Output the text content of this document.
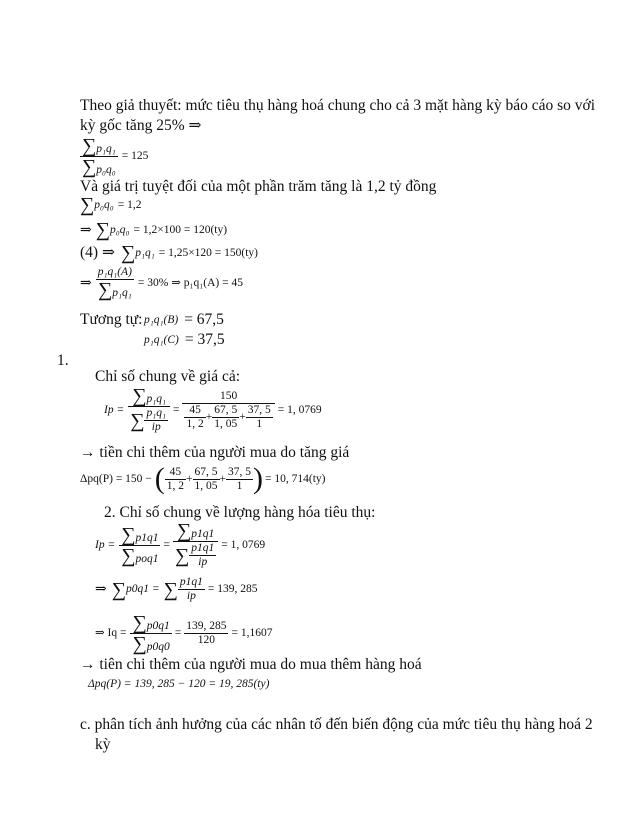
Theo giả thuyết: mức tiêu thụ hàng hoá chung cho cả 3 mặt hàng kỳ báo cáo so với
kỳ gốc tăng 25% ⇒
$\frac{\text{∑p₁q₁}}{\text{∑p₀q₀}} = 125$
Và giá trị tuyệt đối của một phần trăm tăng là 1,2 tỷ đồng
∑ p₀q₀ = 1,2
⇒ ∑ p₀q₀ = 1,2×100 = 120(ty)
(4) ⇒ ∑ p₁q₁ = 1,25×120 = 150(ty)
⇒ $\frac{\text{p₁q₁(A)}}{\text{∑p₁q₁}} = 30\%$ ⇒ p₁q₁(A) = 45
Tương tự: p₁q₁(B) = 67,5
p₁q₁(C) = 37,5
1.
Chỉ số chung về giá cả:
$Ip = \frac{\text{∑p₁q₁}}{\sum \frac{\text{p₁q₁}}{ip}} = \frac{150}{\frac{45}{1, 2} + \frac{67, 5}{1, 05} + \frac{37, 5}{1}} = 1$, 0769
→ tiền chi thêm của người mua do tăng giá
Δpq(P) = 150 − ( $\frac{45}{1, 2} + \frac{67, 5}{1, 05} + \frac{37, 5}{1}$ ) = 10, 714(ty)
2. Chỉ số chung về lượng hàng hóa tiêu thụ:
$Ip = \frac{\sum p1q1}{\text{∑poq1}} = \frac{\sum p1q1}{\sum \frac{p1q1}{ip}} = 1$, 0769
⇒ ∑ p0q1 = ∑ $\frac{p1q1}{ip} = 139$, 285
⇒ $Iq = \frac{\sum p0q1}{\sum p0q0} = \frac{139, 285}{120} = 1,1607$
→ tiên chi thêm của người mua do mua thêm hàng hoá
Δpq(P) = 139, 285 − 120 = 19, 285(ty)
c. phân tích ảnh hưởng của các nhân tố đến biến động của mức tiêu thụ hàng hoá 2
kỳ
